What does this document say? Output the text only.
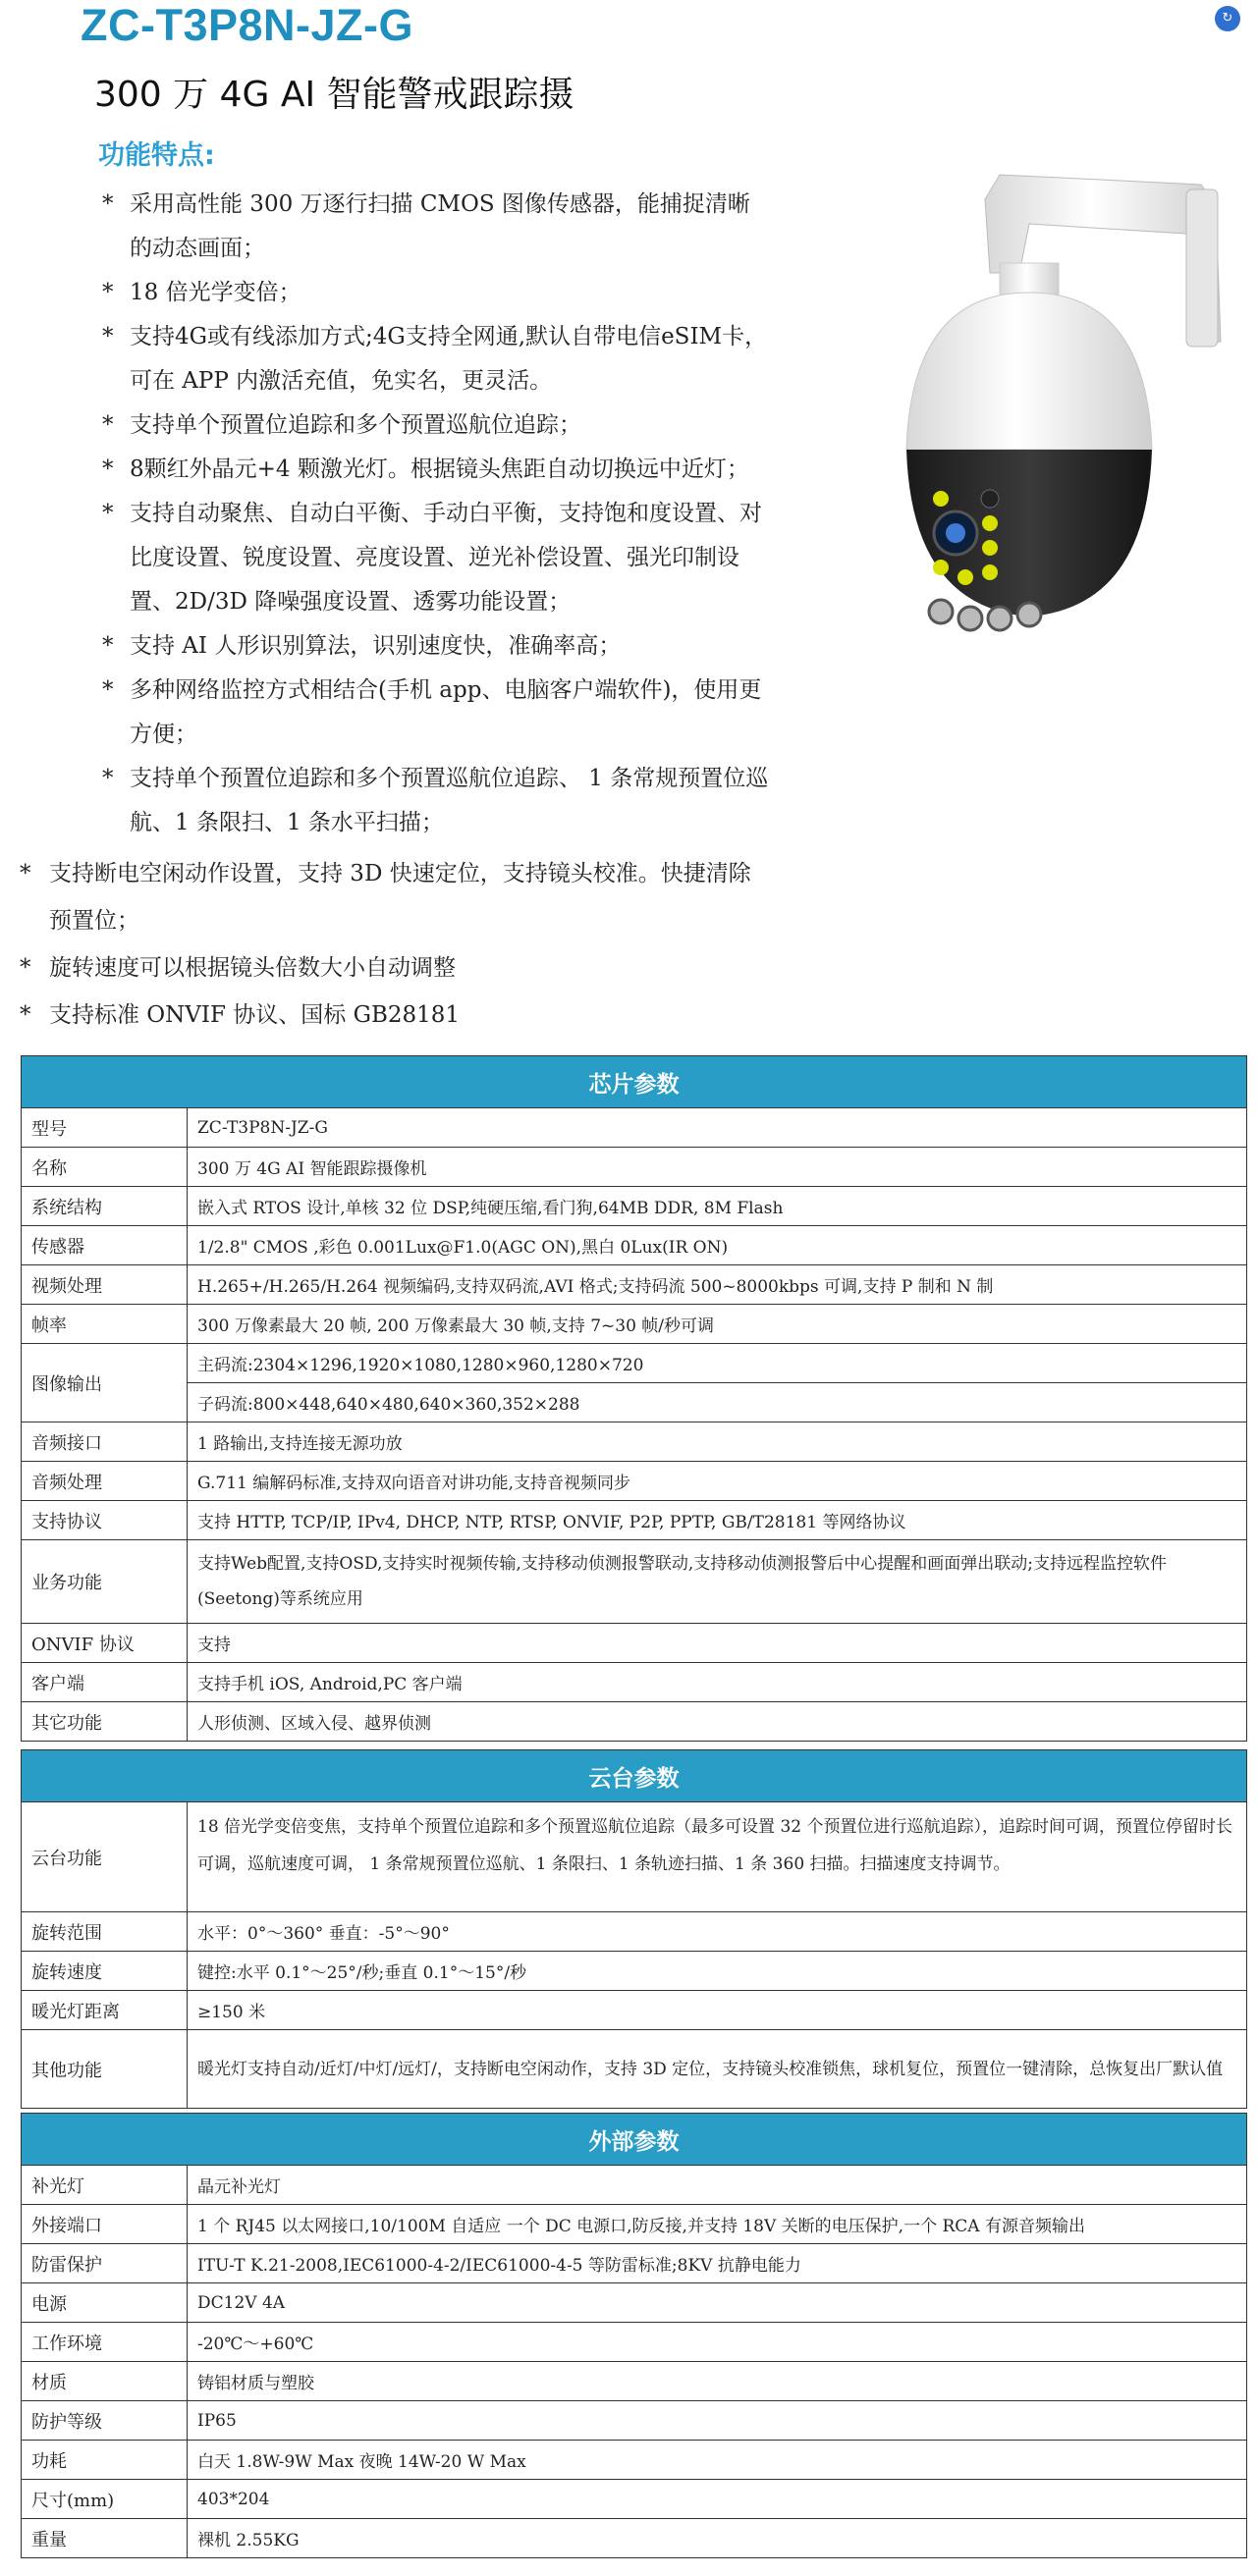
ZC-T3P8N-JZ-G	↻
300 万 4G AI 智能警戒跟踪摄
功能特点:
* 采用高性能 300 万逐行扫描 CMOS 图像传感器，能捕捉清晰的动态画面；
* 18 倍光学变倍；
* 支持4G或有线添加方式;4G支持全网通,默认自带电信eSIM卡，可在 APP 内激活充值，免实名，更灵活。
* 支持单个预置位追踪和多个预置巡航位追踪；
* 8颗红外晶元+4 颗激光灯。根据镜头焦距自动切换远中近灯；
* 支持自动聚焦、自动白平衡、手动白平衡，支持饱和度设置、对比度设置、锐度设置、亮度设置、逆光补偿设置、强光印制设置、2D/3D 降噪强度设置、透雾功能设置；
* 支持 AI 人形识别算法，识别速度快，准确率高；
* 多种网络监控方式相结合(手机 app、电脑客户端软件)，使用更方便；
* 支持单个预置位追踪和多个预置巡航位追踪、 1 条常规预置位巡航、1 条限扫、1 条水平扫描；
* 支持断电空闲动作设置，支持 3D 快速定位，支持镜头校准。快捷清除预置位；
* 旋转速度可以根据镜头倍数大小自动调整
* 支持标准 ONVIF 协议、国标 GB28181
芯片参数	
型号	ZC-T3P8N-JZ-G
名称	300 万 4G AI 智能跟踪摄像机
系统结构	嵌入式 RTOS 设计,单核 32 位 DSP,纯硬压缩,看门狗,64MB DDR, 8M Flash
传感器	1/2.8" CMOS ,彩色 0.001Lux@F1.0(AGC ON),黑白 0Lux(IR ON)
视频处理	H.265+/H.265/H.264 视频编码,支持双码流,AVI 格式;支持码流 500~8000kbps 可调,支持 P 制和 N 制
帧率	300 万像素最大 20 帧, 200 万像素最大 30 帧,支持 7~30 帧/秒可调
图像输出	主码流:2304×1296,1920×1080,1280×960,1280×720
	子码流:800×448,640×480,640×360,352×288
音频接口	1 路输出,支持连接无源功放
音频处理	G.711 编解码标准,支持双向语音对讲功能,支持音视频同步
支持协议	支持 HTTP, TCP/IP, IPv4, DHCP, NTP, RTSP, ONVIF, P2P, PPTP, GB/T28181 等网络协议
业务功能	支持Web配置,支持OSD,支持实时视频传输,支持移动侦测报警联动,支持移动侦测报警后中心提醒和画面弹出联动;支持远程监控软件(Seetong)等系统应用
ONVIF 协议	支持
客户端	支持手机 iOS, Android,PC 客户端
其它功能	人形侦测、区域入侵、越界侦测
云台参数	
云台功能	18 倍光学变倍变焦，支持单个预置位追踪和多个预置巡航位追踪（最多可设置 32 个预置位进行巡航追踪），追踪时间可调，预置位停留时长可调，巡航速度可调， 1 条常规预置位巡航、1 条限扫、1 条轨迹扫描、1 条 360 扫描。扫描速度支持调节。
旋转范围	水平：0°～360° 垂直：-5°～90°
旋转速度	键控:水平 0.1°～25°/秒;垂直 0.1°～15°/秒
暖光灯距离	≥150 米
其他功能	暖光灯支持自动/近灯/中灯/远灯/，支持断电空闲动作，支持 3D 定位，支持镜头校准锁焦，球机复位，预置位一键清除，总恢复出厂默认值
外部参数	
补光灯	晶元补光灯
外接端口	1 个 RJ45 以太网接口,10/100M 自适应 一个 DC 电源口,防反接,并支持 18V 关断的电压保护,一个 RCA 有源音频输出
防雷保护	ITU-T K.21-2008,IEC61000-4-2/IEC61000-4-5 等防雷标准;8KV 抗静电能力
电源	DC12V 4A
工作环境	-20℃～+60℃
材质	铸铝材质与塑胶
防护等级	IP65
功耗	白天 1.8W-9W Max 夜晚 14W-20 W Max
尺寸(mm)	403*204
重量	裸机 2.55KG
